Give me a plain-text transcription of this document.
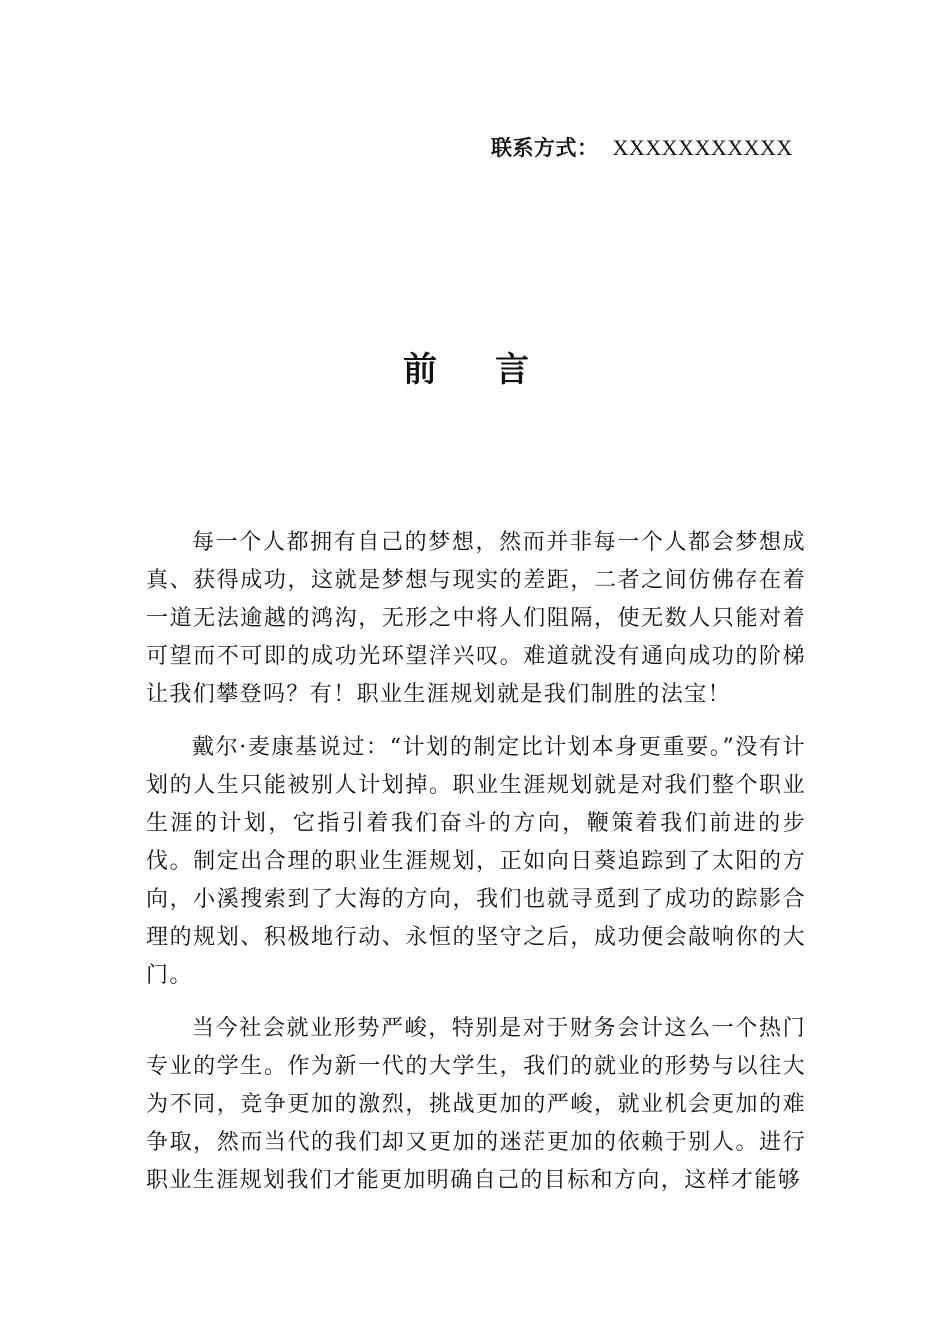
联系方式： XXXXXXXXXXX
前言

每一个人都拥有自己的梦想，然而并非每一个人都会梦想成真、获得成功，这就是梦想与现实的差距，二者之间仿佛存在着一道无法逾越的鸿沟，无形之中将人们阻隔，使无数人只能对着可望而不可即的成功光环望洋兴叹。难道就没有通向成功的阶梯让我们攀登吗？有！职业生涯规划就是我们制胜的法宝！

戴尔·麦康基说过：“计划的制定比计划本身更重要。”没有计划的人生只能被别人计划掉。职业生涯规划就是对我们整个职业生涯的计划，它指引着我们奋斗的方向，鞭策着我们前进的步伐。制定出合理的职业生涯规划，正如向日葵追踪到了太阳的方向，小溪搜索到了大海的方向，我们也就寻觅到了成功的踪影合理的规划、积极地行动、永恒的坚守之后，成功便会敲响你的大门。

当今社会就业形势严峻，特别是对于财务会计这么一个热门专业的学生。作为新一代的大学生，我们的就业的形势与以往大为不同，竞争更加的激烈，挑战更加的严峻，就业机会更加的难争取，然而当代的我们却又更加的迷茫更加的依赖于别人。进行职业生涯规划我们才能更加明确自己的目标和方向，这样才能够
